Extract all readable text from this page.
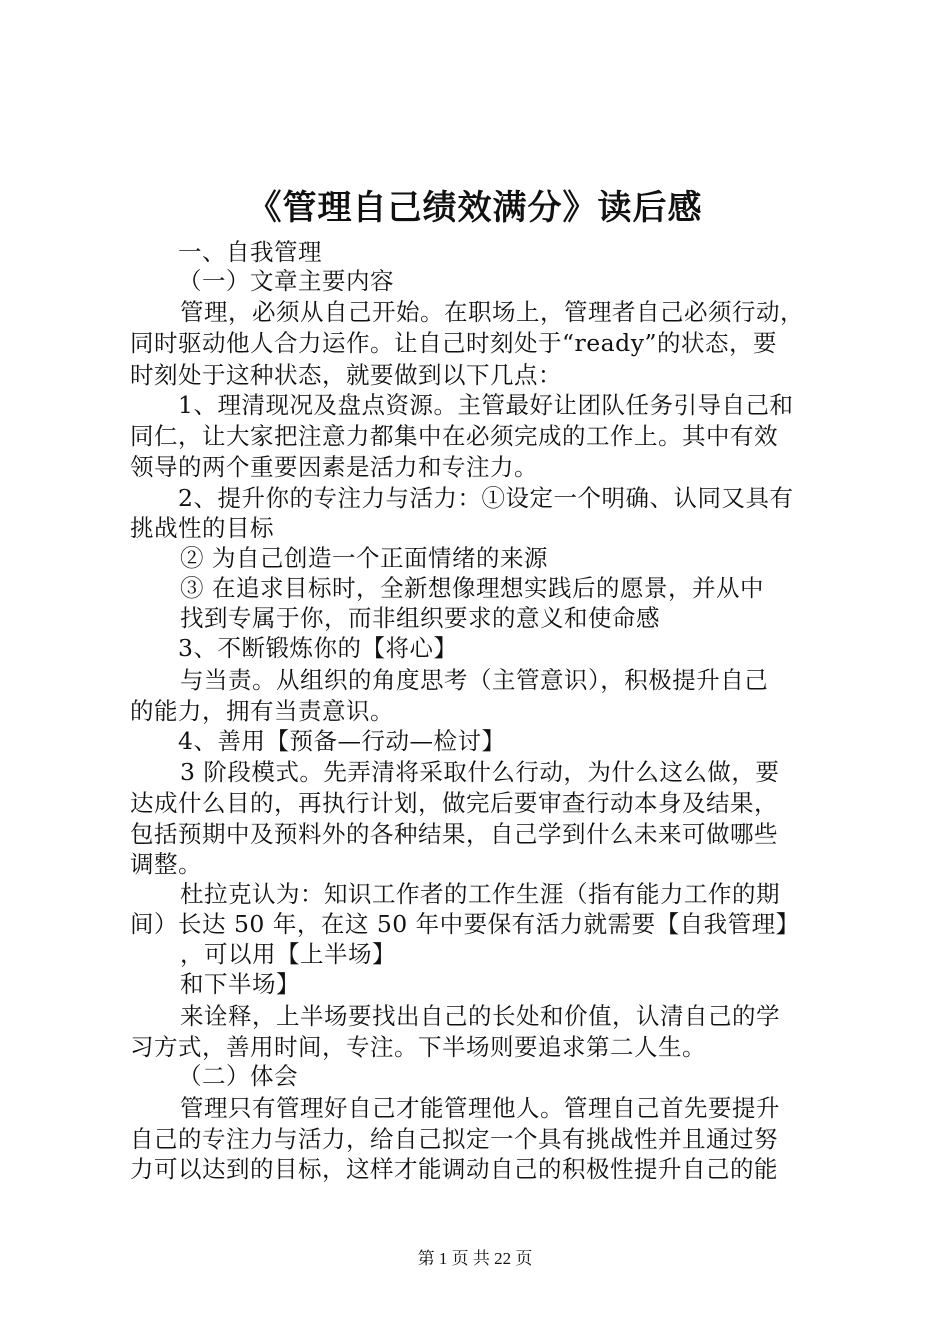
《管理自己绩效满分》读后感
一、自我管理
（一）文章主要内容
管理，必须从自己开始。在职场上，管理者自己必须行动，
同时驱动他人合力运作。让自己时刻处于“ready”的状态，要
时刻处于这种状态，就要做到以下几点：
1、理清现况及盘点资源。主管最好让团队任务引导自己和
同仁，让大家把注意力都集中在必须完成的工作上。其中有效
领导的两个重要因素是活力和专注力。
2、提升你的专注力与活力：①设定一个明确、认同又具有
挑战性的目标
② 为自己创造一个正面情绪的来源
③ 在追求目标时，全新想像理想实践后的愿景，并从中
找到专属于你，而非组织要求的意义和使命感
3、不断锻炼你的【将心】
与当责。从组织的角度思考（主管意识），积极提升自己
的能力，拥有当责意识。
4、善用【预备—行动—检讨】
3 阶段模式。先弄清将采取什么行动，为什么这么做，要
达成什么目的，再执行计划，做完后要审查行动本身及结果，
包括预期中及预料外的各种结果，自己学到什么未来可做哪些
调整。
杜拉克认为：知识工作者的工作生涯（指有能力工作的期
间）长达 50 年，在这 50 年中要保有活力就需要【自我管理】
，可以用【上半场】
和下半场】
来诠释，上半场要找出自己的长处和价值，认清自己的学
习方式，善用时间，专注。下半场则要追求第二人生。
（二）体会
管理只有管理好自己才能管理他人。管理自己首先要提升
自己的专注力与活力，给自己拟定一个具有挑战性并且通过努
力可以达到的目标，这样才能调动自己的积极性提升自己的能
第 1 页 共 22 页
